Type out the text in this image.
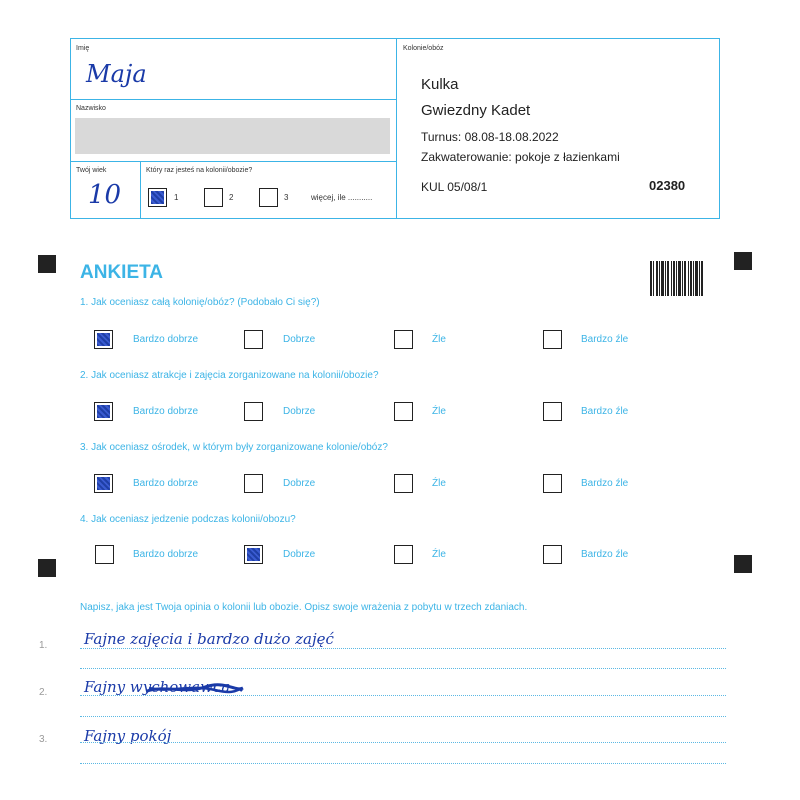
Imię
Maja
Nazwisko
Twój wiek
10
Który raz jesteś na kolonii/obozie?
1	2	3	więcej, ile ...........
Kolonie/obóz
Kulka
Gwiezdny Kadet
Turnus: 08.08-18.08.2022
Zakwaterowanie: pokoje z łazienkami
KUL 05/08/1	02380
ANKIETA
1. Jak oceniasz całą kolonię/obóz? (Podobało Ci się?)
Bardzo dobrze	Dobrze	Źle	Bardzo źle
2. Jak oceniasz atrakcje i zajęcia zorganizowane na kolonii/obozie?
Bardzo dobrze	Dobrze	Źle	Bardzo źle
3. Jak oceniasz ośrodek, w którym były zorganizowane kolonie/obóz?
Bardzo dobrze	Dobrze	Źle	Bardzo źle
4. Jak oceniasz jedzenie podczas kolonii/obozu?
Bardzo dobrze	Dobrze	Źle	Bardzo źle
Napisz, jaka jest Twoja opinia o kolonii lub obozie. Opisz swoje wrażenia z pobytu w trzech zdaniach.
1. Fajne zajęcia i bardzo dużo zajęć
2. Fajny wychowawca
3. Fajny pokój
